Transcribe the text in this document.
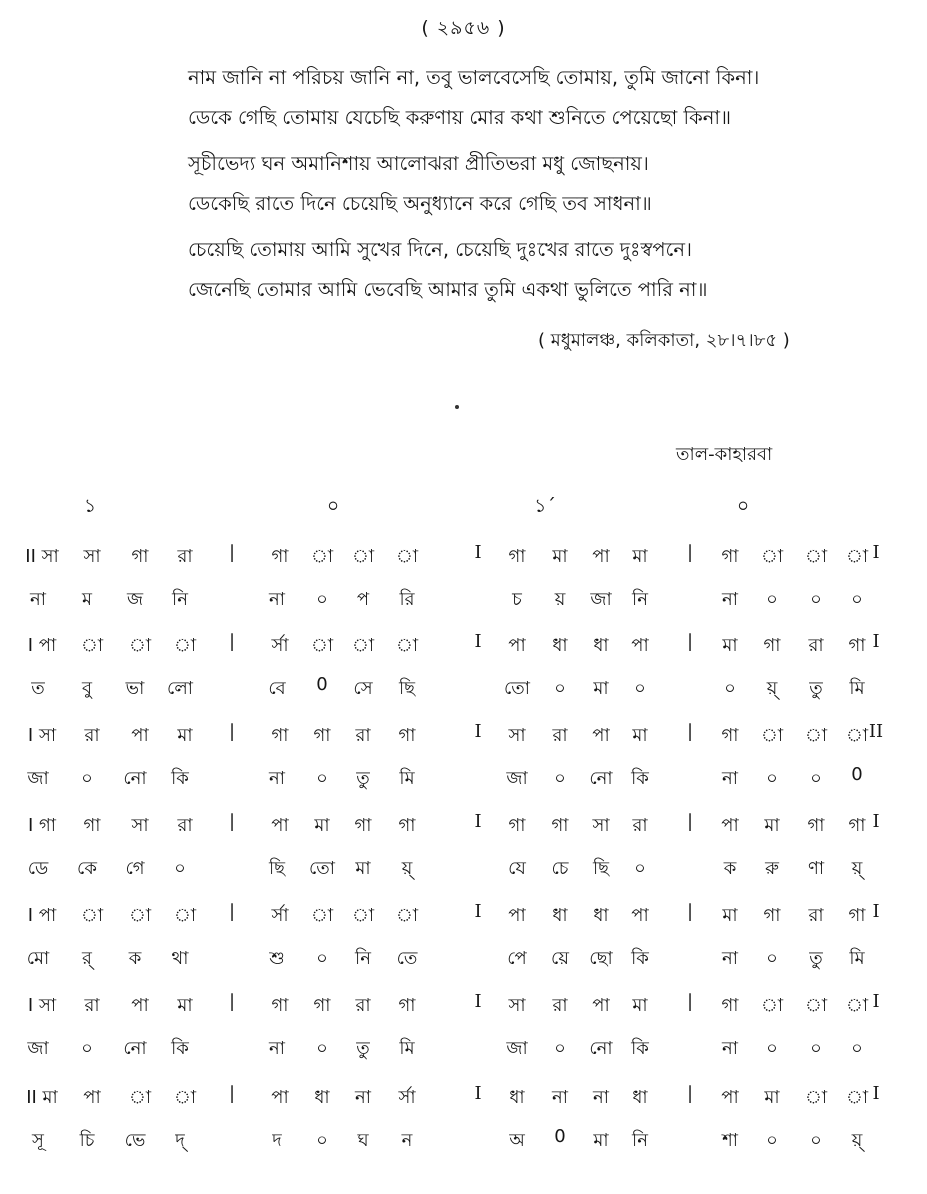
( ২৯৫৬ )
নাম জানি না পরিচয় জানি না, তবু ভালবেসেছি তোমায়, তুমি জানো কিনা।
ডেকে গেছি তোমায় যেচেছি করুণায় মোর কথা শুনিতে পেয়েছো কিনা॥
সূচীভেদ্য ঘন অমানিশায় আলোঝরা প্রীতিভরা মধু জোছনায়।
ডেকেছি রাতে দিনে চেয়েছি অনুধ্যানে করে গেছি তব সাধনা॥
চেয়েছি তোমায় আমি সুখের দিনে, চেয়েছি দুঃখের রাতে দুঃস্বপনে।
জেনেছি তোমার আমি ভেবেছি আমার তুমি একথা ভুলিতে পারি না॥
( মধুমালঞ্চ, কলিকাতা, ২৮।৭।৮৫ )
তাল-কাহারবা
১	০	১´	০
II সা সা গা রা | গা া া া	I গা মা পা মা | গা া া া I
না ম জ নি	না ০ প রি	চ য় জা নি	না ০ ০ ০
I পা া া া | র্সা া া া	I পা ধা ধা পা | মা গা রা গা I
ত বু ভা লো	বে 0 সে ছি	তো ০ মা ০	০ য়্ তু মি
I সা রা পা মা | গা গা রা গা	I সা রা পা মা | গা া া া II
জা ০ নো কি	না ০ তু মি	জা ০ নো কি	না ০ ০ 0
I গা গা সা রা | পা মা গা গা	I গা গা সা রা | পা মা গা গা I
ডে কে গে ০	ছি তো মা য়্	যে চে ছি ০	ক রু ণা য়্
I পা া া া | র্সা া া া	I পা ধা ধা পা | মা গা রা গা I
মো র্ ক থা	শু ০ নি তে	পে য়ে ছো কি	না ০ তু মি
I সা রা পা মা | গা গা রা গা	I সা রা পা মা | গা া া া I
জা ০ নো কি	না ০ তু মি	জা ০ নো কি	না ০ ০ ০
II মা পা া া | পা ধা না র্সা	I ধা না না ধা | পা মা া া I
সূ চি ভে দ্	দ ০ ঘ ন	অ 0 মা নি	শা ০ ০ য়্
